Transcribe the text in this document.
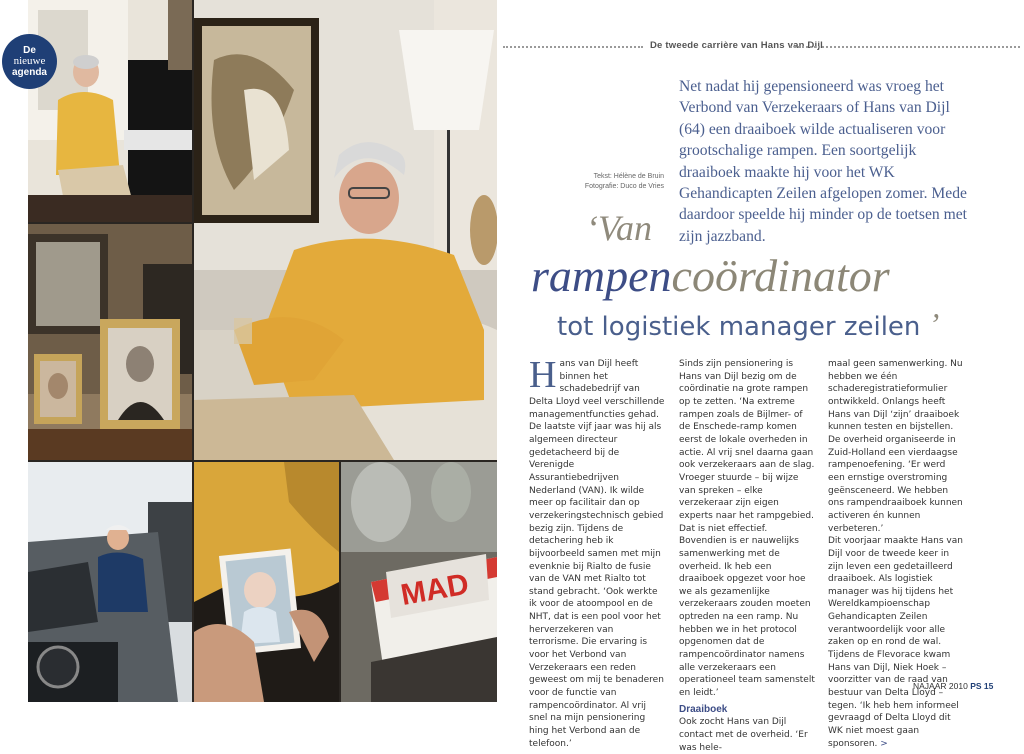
MAD
De
nieuwe
agenda
De tweede carrière van Hans van Dijl
Tekst: Hélène de Bruin
Fotografie: Duco de Vries

Net nadat hij gepensioneerd was vroeg het Verbond van Verzekeraars of Hans van Dijl (64) een draaiboek wilde actualiseren voor grootschalige rampen. Een soortgelijk draaiboek maakte hij voor het WK Gehandicapten Zeilen afgelopen zomer. Mede daardoor speelde hij minder op de toetsen met zijn jazzband.

‘Van
rampencoördinator
tot logistiek manager zeilen ’

Hans van Dijl heeft binnen het schadebedrijf van Delta Lloyd veel verschillende managementfuncties gehad. De laatste vijf jaar was hij als algemeen directeur gedetacheerd bij de Verenigde Assurantiebedrijven Nederland (VAN). Ik wilde meer op facilitair dan op verzekeringstechnisch gebied bezig zijn. Tijdens de detachering heb ik bijvoorbeeld samen met mijn evenknie bij Rialto de fusie van de VAN met Rialto tot stand gebracht. ‘Ook werkte ik voor de atoompool en de NHT, dat is een pool voor het herverzekeren van terrorisme. Die ervaring is voor het Verbond van Verzekeraars een reden geweest om mij te benaderen voor de functie van rampencoördinator. Al vrij snel na mijn pensionering hing het Verbond aan de telefoon.’

Sinds zijn pensionering is Hans van Dijl bezig om de coördinatie na grote rampen op te zetten. ‘Na extreme rampen zoals de Bijlmer- of de Enschede-ramp komen eerst de lokale overheden in actie. Al vrij snel daarna gaan ook verzekeraars aan de slag. Vroeger stuurde – bij wijze van spreken – elke verzekeraar zijn eigen experts naar het rampgebied. Dat is niet effectief. Bovendien is er nauwelijks samenwerking met de overheid. Ik heb een draaiboek opgezet voor hoe we als gezamenlijke verzekeraars zouden moeten optreden na een ramp. Nu hebben we in het protocol opgenomen dat de rampencoördinator namens alle verzekeraars een operationeel team samenstelt en leidt.’

Draaiboek

Ook zocht Hans van Dijl contact met de overheid. ‘Er was hele-

maal geen samenwerking. Nu hebben we één schaderegistratieformulier ontwikkeld. Onlangs heeft Hans van Dijl ‘zijn’ draaiboek kunnen testen en bijstellen. De overheid organiseerde in Zuid-Holland een vierdaagse rampenoefening. ‘Er werd een ernstige overstroming geënsceneerd. We hebben ons rampendraaiboek kunnen activeren én kunnen verbeteren.’

Dit voorjaar maakte Hans van Dijl voor de tweede keer in zijn leven een gedetailleerd draaiboek. Als logistiek manager was hij tijdens het Wereldkampioenschap Gehandicapten Zeilen verantwoordelijk voor alle zaken op en rond de wal. Tijdens de Flevorace kwam Hans van Dijl, Niek Hoek – voorzitter van de raad van bestuur van Delta Lloyd – tegen. ‘Ik heb hem informeel gevraagd of Delta Lloyd dit WK niet moest gaan sponsoren. >

NAJAAR 2010 PS 15
